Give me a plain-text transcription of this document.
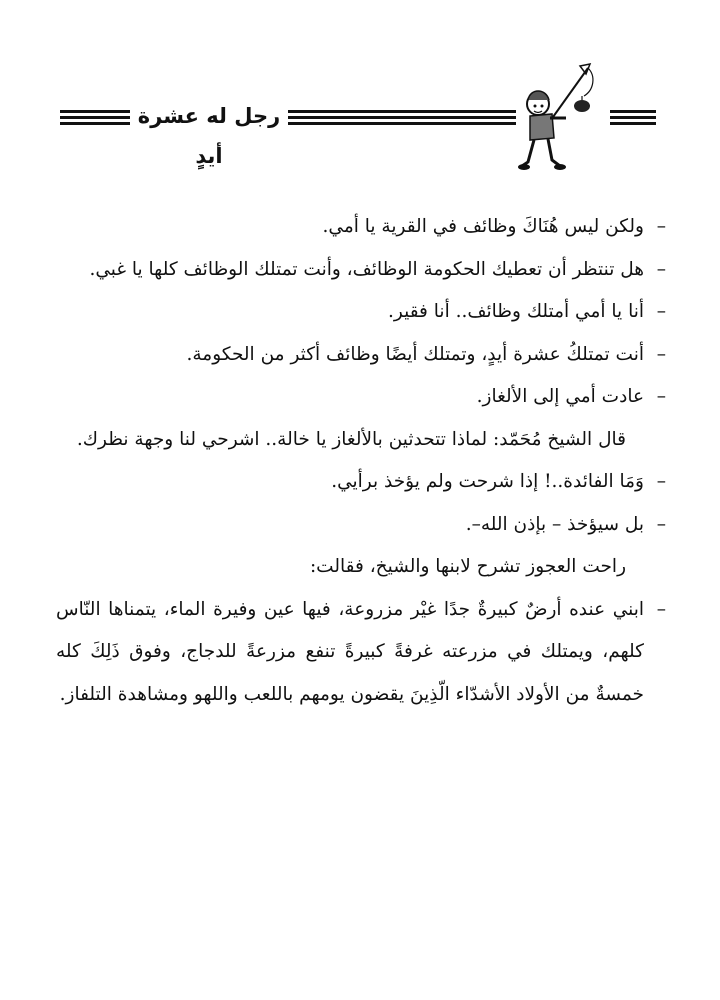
رجل له عشرة أيدٍ

–
ولكن ليس هُنَاكَ وظائف في القرية يا أمي.

–
هل تنتظر أن تعطيك الحكومة الوظائف، وأنت تمتلك الوظائف كلها يا غبي.

–
أنا يا أمي أمتلك وظائف.. أنا فقير.

–
أنت تمتلكُ عشرة أيدٍ، وتمتلك أيضًا وظائف أكثر من الحكومة.

–
عادت أمي إلى الألغاز.

قال الشيخ مُحَمّد: لماذا تتحدثين بالألغاز يا خالة.. اشرحي لنا وجهة نظرك.

–
وَمَا الفائدة..! إذا شرحت ولم يؤخذ برأيي.

–
بل سيؤخذ – بإذن الله–.

راحت العجوز تشرح لابنها والشيخ، فقالت:

–
ابني عنده أرضٌ كبيرةٌ جدًا غيْر مزروعة، فيها عين وفيرة الماء، يتمناها النّاس كلهم، ويمتلك في مزرعته غرفةً كبيرةً تنفع مزرعةً للدجاج، وفوق ذَلِكَ كله خمسةٌ من الأولاد الأشدّاء الّذِينَ يقضون يومهم باللعب واللهو ومشاهدة التلفاز.
